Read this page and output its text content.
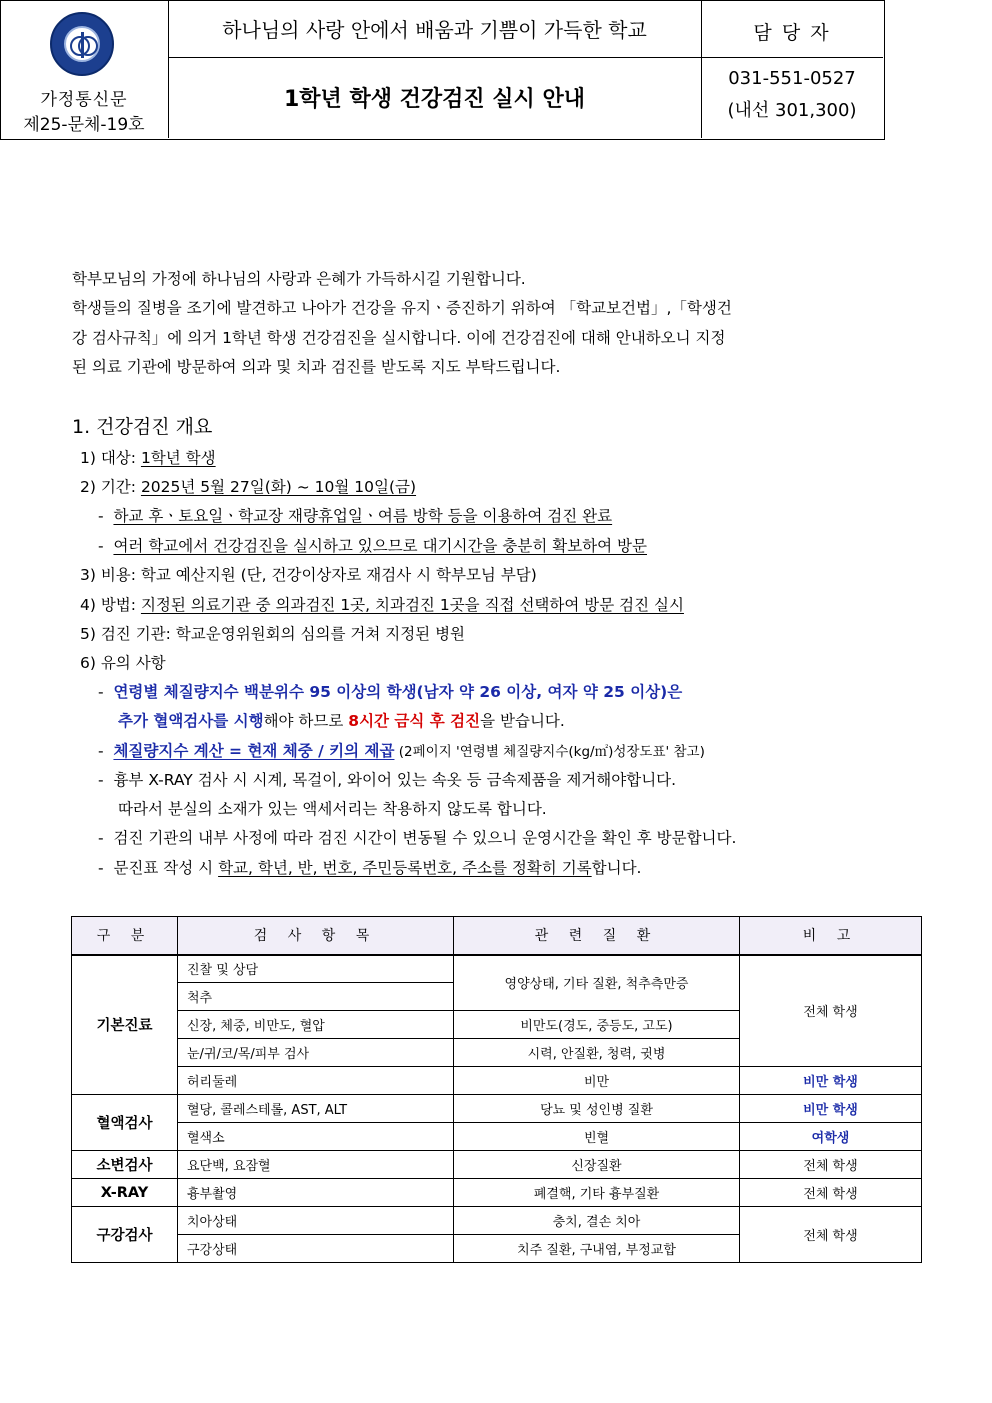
가정통신문
제25-문체-19호
하나님의 사랑 안에서 배움과 기쁨이 가득한 학교
1학년 학생 건강검진 실시 안내
담 당 자
031-551-0527
(내선 301,300)
학부모님의 가정에 하나님의 사랑과 은혜가 가득하시길 기원합니다.
학생들의 질병을 조기에 발견하고 나아가 건강을 유지ㆍ증진하기 위하여 「학교보건법」,「학생건
강 검사규칙」에 의거 1학년 학생 건강검진을 실시합니다. 이에 건강검진에 대해 안내하오니 지정
된 의료 기관에 방문하여 의과 및 치과 검진를 받도록 지도 부탁드립니다.
1. 건강검진 개요
1) 대상: 1학년 학생
2) 기간: 2025년 5월 27일(화) ~ 10월 10일(금)
- 하교 후ㆍ토요일ㆍ학교장 재량휴업일ㆍ여름 방학 등을 이용하여 검진 완료
- 여러 학교에서 건강검진을 실시하고 있으므로 대기시간을 충분히 확보하여 방문
3) 비용: 학교 예산지원 (단, 건강이상자로 재검사 시 학부모님 부담)
4) 방법: 지정된 의료기관 중 의과검진 1곳, 치과검진 1곳을 직접 선택하여 방문 검진 실시
5) 검진 기관: 학교운영위원회의 심의를 거쳐 지정된 병원
6) 유의 사항
- 연령별 체질량지수 백분위수 95 이상의 학생(남자 약 26 이상, 여자 약 25 이상)은
추가 혈액검사를 시행해야 하므로 8시간 금식 후 검진을 받습니다.
- 체질량지수 계산 = 현재 체중 / 키의 제곱 (2페이지 '연령별 체질량지수(kg/㎡)성장도표' 참고)
- 흉부 X-RAY 검사 시 시계, 목걸이, 와이어 있는 속옷 등 금속제품을 제거해야합니다.
따라서 분실의 소재가 있는 액세서리는 착용하지 않도록 합니다.
- 검진 기관의 내부 사정에 따라 검진 시간이 변동될 수 있으니 운영시간을 확인 후 방문합니다.
- 문진표 작성 시 학교, 학년, 반, 번호, 주민등록번호, 주소를 정확히 기록합니다.
구 분	검 사 항 목	관 련 질 환	비 고
기본진료	진찰 및 상담	영양상태, 기타 질환, 척추측만증	전체 학생
	척추		
	신장, 체중, 비만도, 혈압	비만도(경도, 중등도, 고도)	
	눈/귀/코/목/피부 검사	시력, 안질환, 청력, 귓병	
	허리둘레	비만	비만 학생
혈액검사	혈당, 콜레스테롤, AST, ALT	당뇨 및 성인병 질환	비만 학생
	혈색소	빈혈	여학생
소변검사	요단백, 요잠혈	신장질환	전체 학생
X-RAY	흉부촬영	폐결핵, 기타 흉부질환	전체 학생
구강검사	치아상태	충치, 결손 치아	전체 학생
	구강상태	치주 질환, 구내염, 부정교합	
